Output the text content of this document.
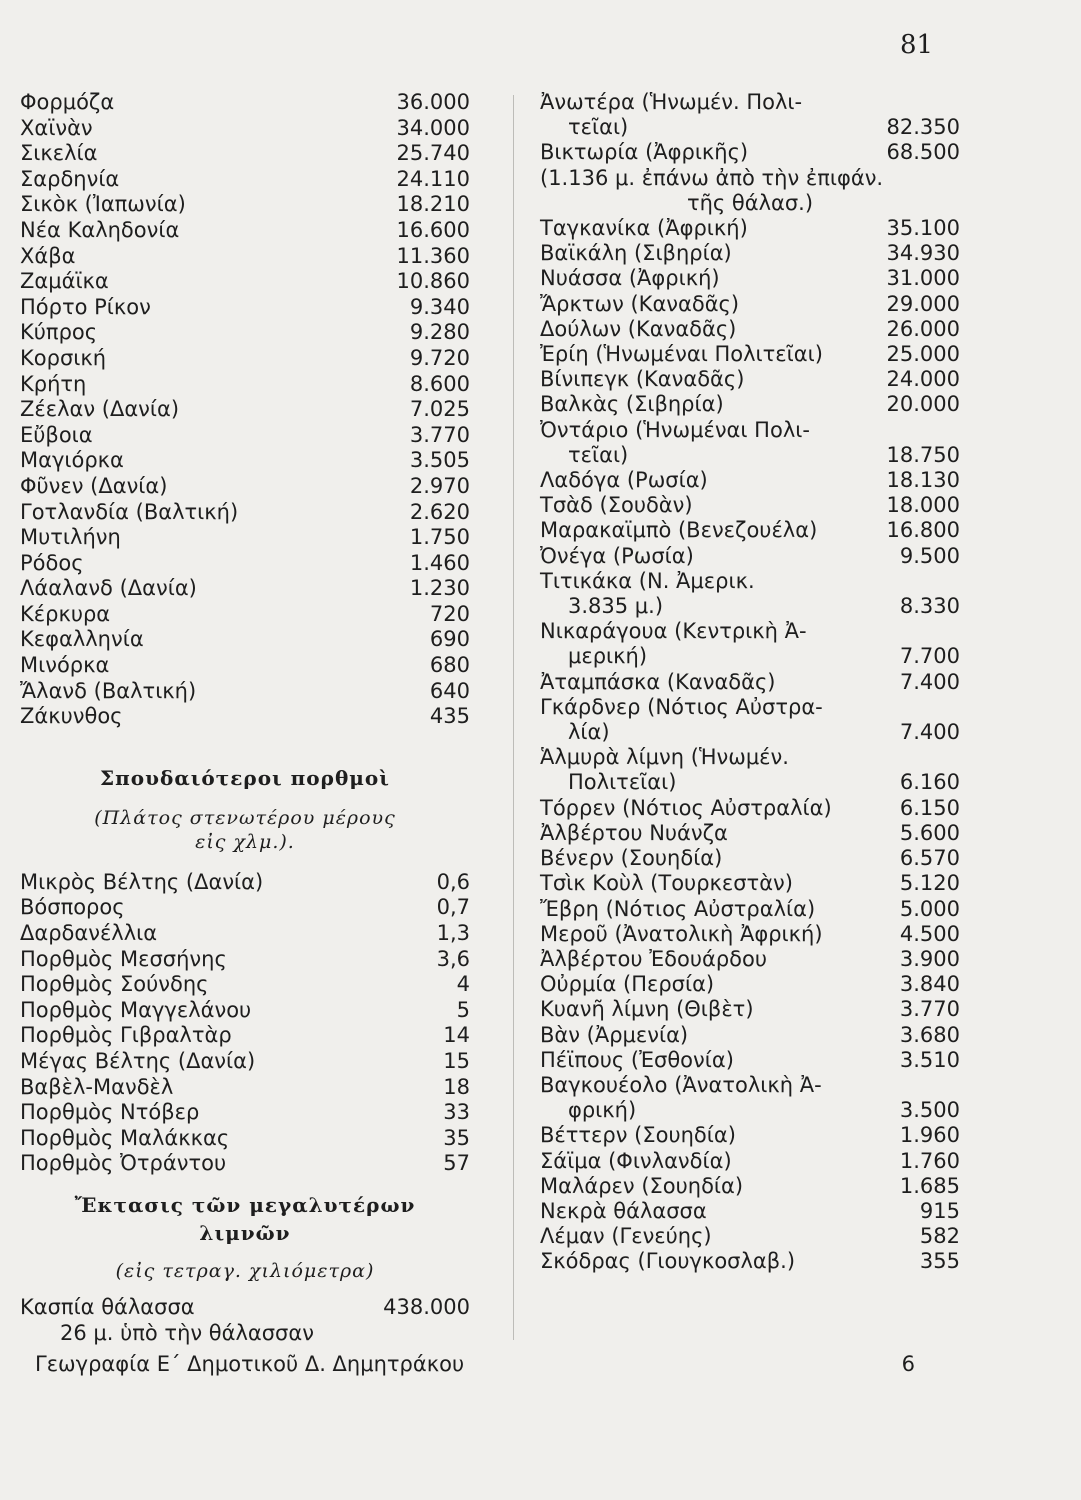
81
Φορμόζα	36.000
Χαϊνὰν	34.000
Σικελία	25.740
Σαρδηνία	24.110
Σικὸκ (Ἰαπωνία)	18.210
Νέα Καληδονία	16.600
Χάβα	11.360
Ζαμάϊκα	10.860
Πόρτο Ρίκον	9.340
Κύπρος	9.280
Κορσική	9.720
Κρήτη	8.600
Ζέελαν (Δανία)	7.025
Εὔβοια	3.770
Μαγιόρκα	3.505
Φῦνεν (Δανία)	2.970
Γοτλανδία (Βαλτική)	2.620
Μυτιλήνη	1.750
Ρόδος	1.460
Λάαλανδ (Δανία)	1.230
Κέρκυρα	720
Κεφαλληνία	690
Μινόρκα	680
Ἄλανδ (Βαλτική)	640
Ζάκυνθος	435
Σπουδαιότεροι πορθμοὶ
(Πλάτος στενωτέρου μέρους
εἰς χλμ.).
Μικρὸς Βέλτης (Δανία)	0,6
Βόσπορος	0,7
Δαρδανέλλια	1,3
Πορθμὸς Μεσσήνης	3,6
Πορθμὸς Σούνδης	4
Πορθμὸς Μαγγελάνου	5
Πορθμὸς Γιβραλτὰρ	14
Μέγας Βέλτης (Δανία)	15
Βαβὲλ-Μανδὲλ	18
Πορθμὸς Ντόβερ	33
Πορθμὸς Μαλάκκας	35
Πορθμὸς Ὀτράντου	57
Ἔκτασις τῶν μεγαλυτέρων
λιμνῶν
(εἰς τετραγ. χιλιόμετρα)
Κασπία θάλασσα	438.000
26 μ. ὑπὸ τὴν θάλασσαν
Ἀνωτέρα (Ἡνωμέν. Πολι-
τεῖαι)	82.350
Βικτωρία (Ἀφρικῆς)	68.500
(1.136 μ. ἐπάνω ἀπὸ τὴν ἐπιφάν.
τῆς θάλασ.)
Ταγκανίκα (Ἀφρική)	35.100
Βαϊκάλη (Σιβηρία)	34.930
Νυάσσα (Ἀφρική)	31.000
Ἄρκτων (Καναδᾶς)	29.000
Δούλων (Καναδᾶς)	26.000
Ἐρίη (Ἡνωμέναι Πολιτεῖαι)	25.000
Βίνιπεγκ (Καναδᾶς)	24.000
Βαλκὰς (Σιβηρία)	20.000
Ὀντάριο (Ἡνωμέναι Πολι-
τεῖαι)	18.750
Λαδόγα (Ρωσία)	18.130
Τσὰδ (Σουδὰν)	18.000
Μαρακαϊμπὸ (Βενεζουέλα)	16.800
Ὀνέγα (Ρωσία)	9.500
Τιτικάκα (Ν. Ἀμερικ.
3.835 μ.)	8.330
Νικαράγουα (Κεντρικὴ Ἀ-
μερική)	7.700
Ἀταμπάσκα (Καναδᾶς)	7.400
Γκάρδνερ (Νότιος Αὐστρα-
λία)	7.400
Ἁλμυρὰ λίμνη (Ἡνωμέν.
Πολιτεῖαι)	6.160
Τόρρεν (Νότιος Αὐστραλία)	6.150
Ἀλβέρτου Νυάνζα	5.600
Βένερν (Σουηδία)	6.570
Τσὶκ Κοὺλ (Τουρκεστὰν)	5.120
Ἔβρη (Νότιος Αὐστραλία)	5.000
Μεροῦ (Ἀνατολικὴ Ἀφρική)	4.500
Ἀλβέρτου Ἐδουάρδου	3.900
Οὐρμία (Περσία)	3.840
Κυανῆ λίμνη (Θιβὲτ)	3.770
Βὰν (Ἀρμενία)	3.680
Πέϊπους (Ἐσθονία)	3.510
Βαγκουέολο (Ἀνατολικὴ Ἀ-
φρική)	3.500
Βέττερν (Σουηδία)	1.960
Σάϊμα (Φινλανδία)	1.760
Μαλάρεν (Σουηδία)	1.685
Νεκρὰ θάλασσα	915
Λέμαν (Γενεύης)	582
Σκόδρας (Γιουγκοσλαβ.)	355
Γεωγραφία Ε΄ Δημοτικοῦ Δ. Δημητράκου	6
